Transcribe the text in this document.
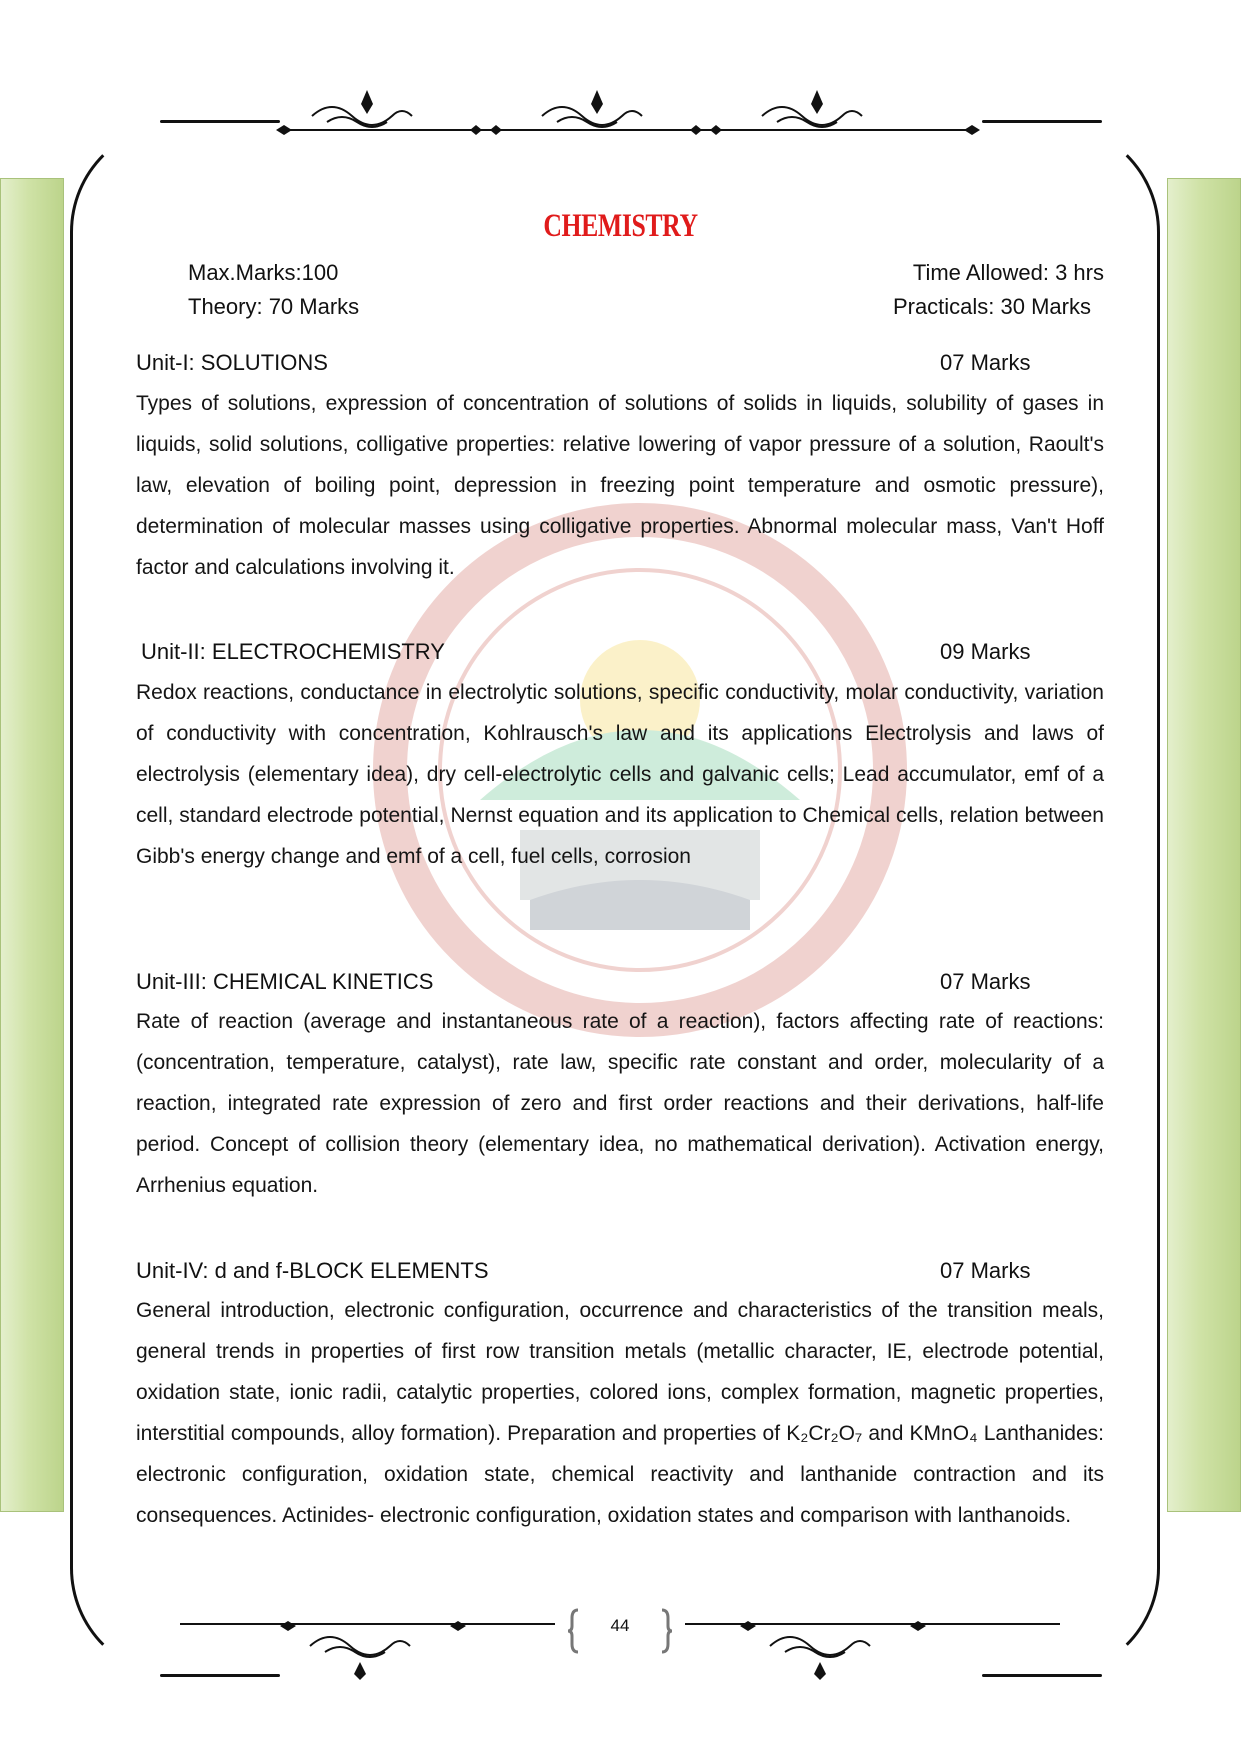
CHEMISTRY
Max.Marks:100
Theory: 70 Marks
Time Allowed: 3 hrs
Practicals: 30 Marks
Unit-I: SOLUTIONS	07 Marks

Types of solutions, expression of concentration of solutions of solids in liquids, solubility of gases in liquids, solid solutions, colligative properties: relative lowering of vapor pressure of a solution, Raoult's law, elevation of boiling point, depression in freezing point temperature and osmotic pressure), determination of molecular masses using colligative properties. Abnormal molecular mass, Van't Hoff factor and calculations involving it.

Unit-II: ELECTROCHEMISTRY	09 Marks

Redox reactions, conductance in electrolytic solutions, specific conductivity, molar conductivity, variation of conductivity with concentration, Kohlrausch's law and its applications Electrolysis and laws of electrolysis (elementary idea), dry cell-electrolytic cells and galvanic cells; Lead accumulator, emf of a cell, standard electrode potential, Nernst equation and its application to Chemical cells, relation between Gibb's energy change and emf of a cell, fuel cells, corrosion

Unit-III: CHEMICAL KINETICS	07 Marks

Rate of reaction (average and instantaneous rate of a reaction), factors affecting rate of reactions: (concentration, temperature, catalyst), rate law, specific rate constant and order, molecularity of a reaction, integrated rate expression of zero and first order reactions and their derivations, half-life period. Concept of collision theory (elementary idea, no mathematical derivation). Activation energy, Arrhenius equation.

Unit-IV: d and f-BLOCK ELEMENTS	07 Marks

General introduction, electronic configuration, occurrence and characteristics of the transition meals, general trends in properties of first row transition metals (metallic character, IE, electrode potential, oxidation state, ionic radii, catalytic properties, colored ions, complex formation, magnetic properties, interstitial compounds, alloy formation). Preparation and properties of K₂Cr₂O₇ and KMnO₄ Lanthanides: electronic configuration, oxidation state, chemical reactivity and lanthanide contraction and its consequences. Actinides- electronic configuration, oxidation states and comparison with lanthanoids.

44
